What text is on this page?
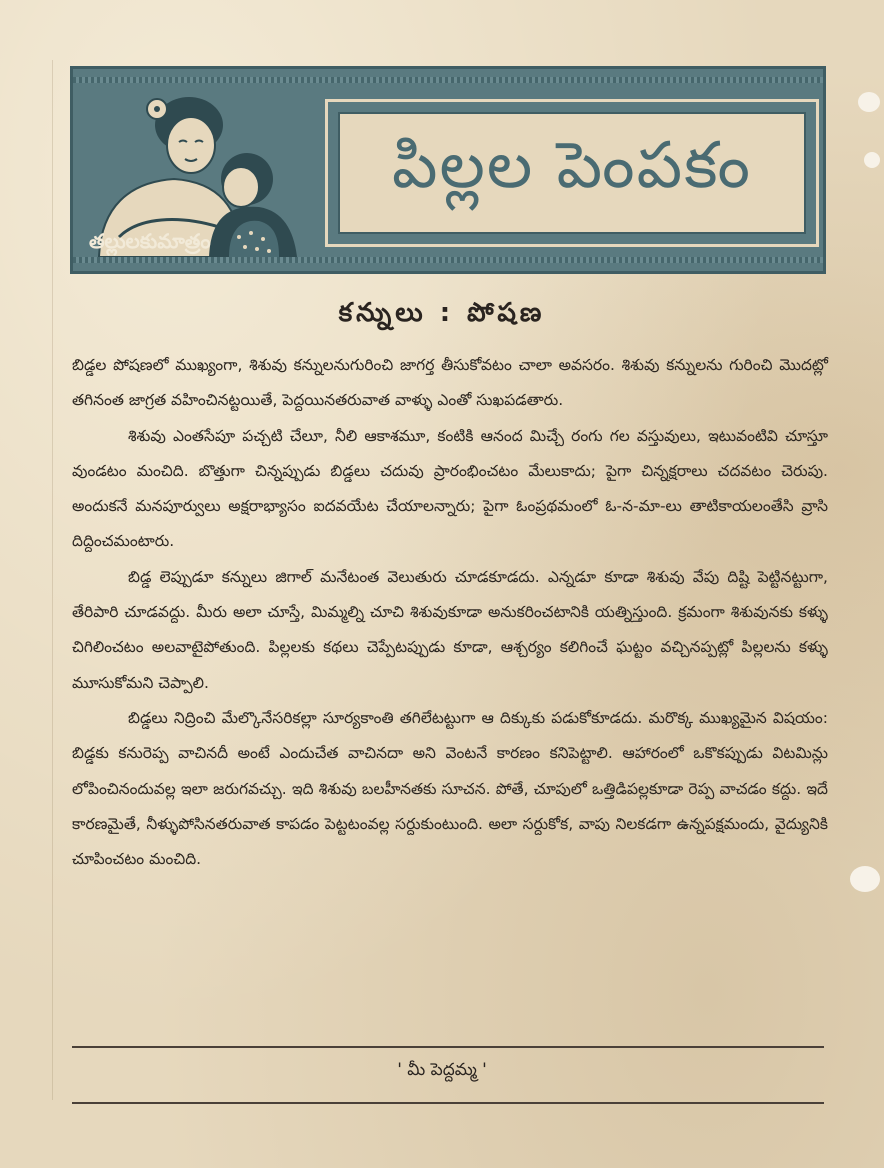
పిల్లల పెంపకం
తల్లులకుమాత్రం
కన్నులు : పోషణ

బిడ్డల పోషణలో ముఖ్యంగా, శిశువు కన్నులనుగురించి జాగర్త తీసుకోవటం చాలా అవసరం. శిశువు కన్నులను గురించి మొదట్లో తగినంత జాగ్రత వహించినట్టయితే, పెద్దయినతరువాత వాళ్ళు ఎంతో సుఖపడతారు.

శిశువు ఎంతసేపూ పచ్చటి చేలూ, నీలి ఆకాశమూ, కంటికి ఆనంద మిచ్చే రంగు గల వస్తువులు, ఇటువంటివి చూస్తూ వుండటం మంచిది. బొత్తుగా చిన్నప్పుడు బిడ్డలు చదువు ప్రారంభించటం మేలుకాదు; పైగా చిన్నక్షరాలు చదవటం చెరుపు. అందుకనే మనపూర్వులు అక్షరాభ్యాసం ఐదవయేట చేయాలన్నారు; పైగా ఓంప్రథమంలో ఓ-న-మా-లు తాటికాయలంతేసి వ్రాసి దిద్దించమంటారు.

బిడ్డ లెప్పుడూ కన్నులు జిగాల్ మనేటంత వెలుతురు చూడకూడదు. ఎన్నడూ కూడా శిశువు వేపు దిష్టి పెట్టినట్టుగా, తేరిపారి చూడవద్దు. మీరు అలా చూస్తే, మిమ్మల్ని చూచి శిశువుకూడా అనుకరించటానికి యత్నిస్తుంది. క్రమంగా శిశువునకు కళ్ళు చిగిలించటం అలవాటైపోతుంది. పిల్లలకు కథలు చెప్పేటప్పుడు కూడా, ఆశ్చర్యం కలిగించే ఘట్టం వచ్చినప్పట్లో పిల్లలను కళ్ళు మూసుకోమని చెప్పాలి.

బిడ్డలు నిద్రించి మేల్కొనేసరికల్లా సూర్యకాంతి తగిలేటట్టుగా ఆ దిక్కుకు పడుకోకూడదు. మరొక్క ముఖ్యమైన విషయం: బిడ్డకు కనురెప్ప వాచినదీ అంటే ఎందుచేత వాచినదా అని వెంటనే కారణం కనిపెట్టాలి. ఆహారంలో ఒకొకప్పుడు విటమిన్లు లోపించినందువల్ల ఇలా జరుగవచ్చు. ఇది శిశువు బలహీనతకు సూచన. పోతే, చూపులో ఒత్తిడిపల్లకూడా రెప్ప వాచడం కద్దు. ఇదే కారణమైతే, నీళ్ళుపోసినతరువాత కాపడం పెట్టటంవల్ల సర్దుకుంటుంది. అలా సర్దుకోక, వాపు నిలకడగా ఉన్నపక్షమందు, వైద్యునికి చూపించటం మంచిది.

' మీ పెద్దమ్మ '
